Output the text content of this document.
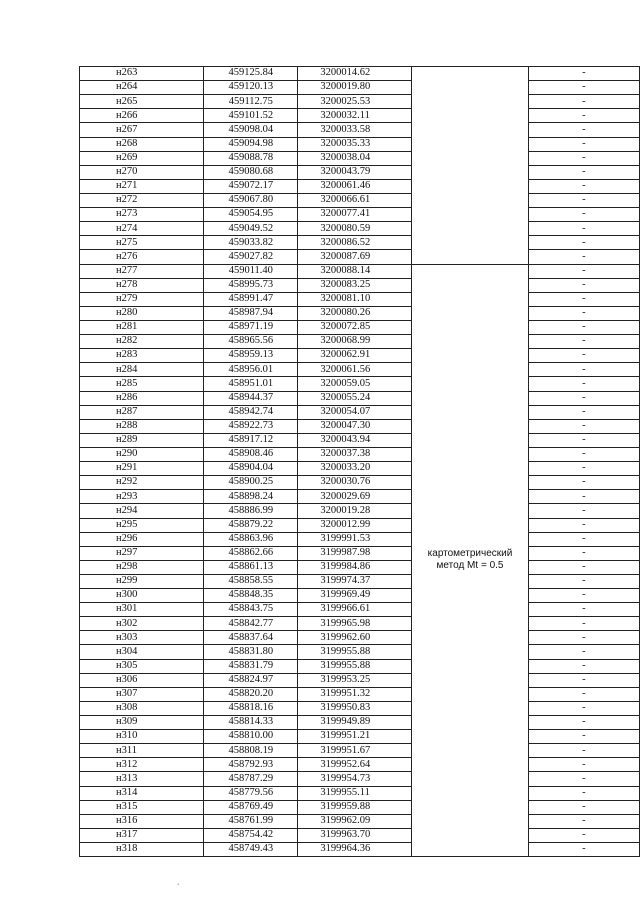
н263	459125.84	3200014.62		-
н264	459120.13	3200019.80		-
н265	459112.75	3200025.53		-
н266	459101.52	3200032.11		-
н267	459098.04	3200033.58		-
н268	459094.98	3200035.33		-
н269	459088.78	3200038.04		-
н270	459080.68	3200043.79		-
н271	459072.17	3200061.46		-
н272	459067.80	3200066.61		-
н273	459054.95	3200077.41		-
н274	459049.52	3200080.59		-
н275	459033.82	3200086.52		-
н276	459027.82	3200087.69		-
н277	459011.40	3200088.14	картометрический
метод Mt = 0.5	-
н278	458995.73	3200083.25		-
н279	458991.47	3200081.10		-
н280	458987.94	3200080.26		-
н281	458971.19	3200072.85		-
н282	458965.56	3200068.99		-
н283	458959.13	3200062.91		-
н284	458956.01	3200061.56		-
н285	458951.01	3200059.05		-
н286	458944.37	3200055.24		-
н287	458942.74	3200054.07		-
н288	458922.73	3200047.30		-
н289	458917.12	3200043.94		-
н290	458908.46	3200037.38		-
н291	458904.04	3200033.20		-
н292	458900.25	3200030.76		-
н293	458898.24	3200029.69		-
н294	458886.99	3200019.28		-
н295	458879.22	3200012.99		-
н296	458863.96	3199991.53		-
н297	458862.66	3199987.98		-
н298	458861.13	3199984.86		-
н299	458858.55	3199974.37		-
н300	458848.35	3199969.49		-
н301	458843.75	3199966.61		-
н302	458842.77	3199965.98		-
н303	458837.64	3199962.60		-
н304	458831.80	3199955.88		-
н305	458831.79	3199955.88		-
н306	458824.97	3199953.25		-
н307	458820.20	3199951.32		-
н308	458818.16	3199950.83		-
н309	458814.33	3199949.89		-
н310	458810.00	3199951.21		-
н311	458808.19	3199951.67		-
н312	458792.93	3199952.64		-
н313	458787.29	3199954.73		-
н314	458779.56	3199955.11		-
н315	458769.49	3199959.88		-
н316	458761.99	3199962.09		-
н317	458754.42	3199963.70		-
н318	458749.43	3199964.36		-
‘
